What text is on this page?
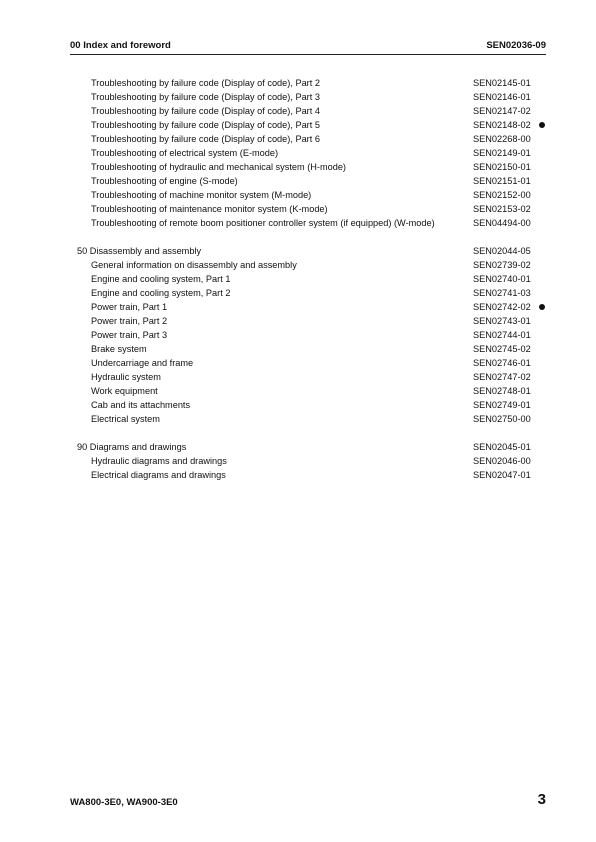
00 Index and foreword	SEN02036-09
Troubleshooting by failure code (Display of code), Part 2	SEN02145-01
Troubleshooting by failure code (Display of code), Part 3	SEN02146-01
Troubleshooting by failure code (Display of code), Part 4	SEN02147-02
Troubleshooting by failure code (Display of code), Part 5	SEN02148-02
Troubleshooting by failure code (Display of code), Part 6	SEN02268-00
Troubleshooting of electrical system (E-mode)	SEN02149-01
Troubleshooting of hydraulic and mechanical system (H-mode)	SEN02150-01
Troubleshooting of engine (S-mode)	SEN02151-01
Troubleshooting of machine monitor system (M-mode)	SEN02152-00
Troubleshooting of maintenance monitor system (K-mode)	SEN02153-02
Troubleshooting of remote boom positioner controller system (if equipped) (W-mode)	SEN04494-00
50 Disassembly and assembly	SEN02044-05
General information on disassembly and assembly	SEN02739-02
Engine and cooling system, Part 1	SEN02740-01
Engine and cooling system, Part 2	SEN02741-03
Power train, Part 1	SEN02742-02
Power train, Part 2	SEN02743-01
Power train, Part 3	SEN02744-01
Brake system	SEN02745-02
Undercarriage and frame	SEN02746-01
Hydraulic system	SEN02747-02
Work equipment	SEN02748-01
Cab and its attachments	SEN02749-01
Electrical system	SEN02750-00
90 Diagrams and drawings	SEN02045-01
Hydraulic diagrams and drawings	SEN02046-00
Electrical diagrams and drawings	SEN02047-01
WA800-3E0, WA900-3E0	3
